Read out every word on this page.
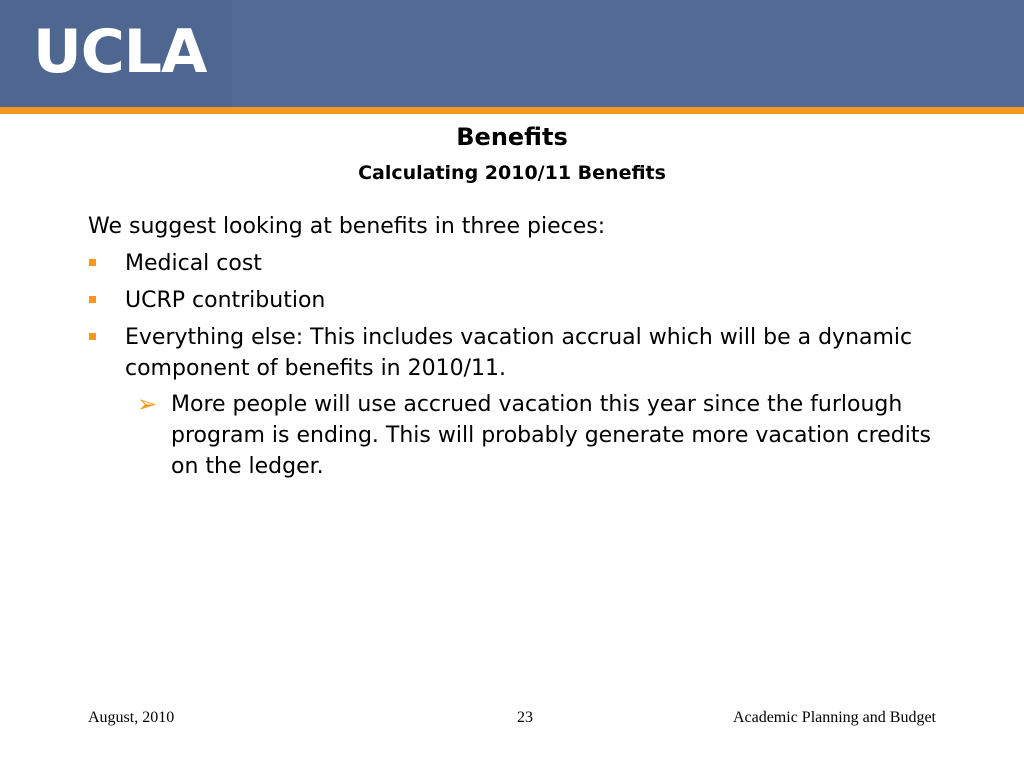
UCLA
Benefits
Calculating 2010/11 Benefits

We suggest looking at benefits in three pieces:

Medical cost
UCRP contribution
Everything else: This includes vacation accrual which will be a dynamic component of benefits in 2010/11.
➢ More people will use accrued vacation this year since the furlough program is ending. This will probably generate more vacation credits on the ledger.
August, 2010	23	Academic Planning and Budget
